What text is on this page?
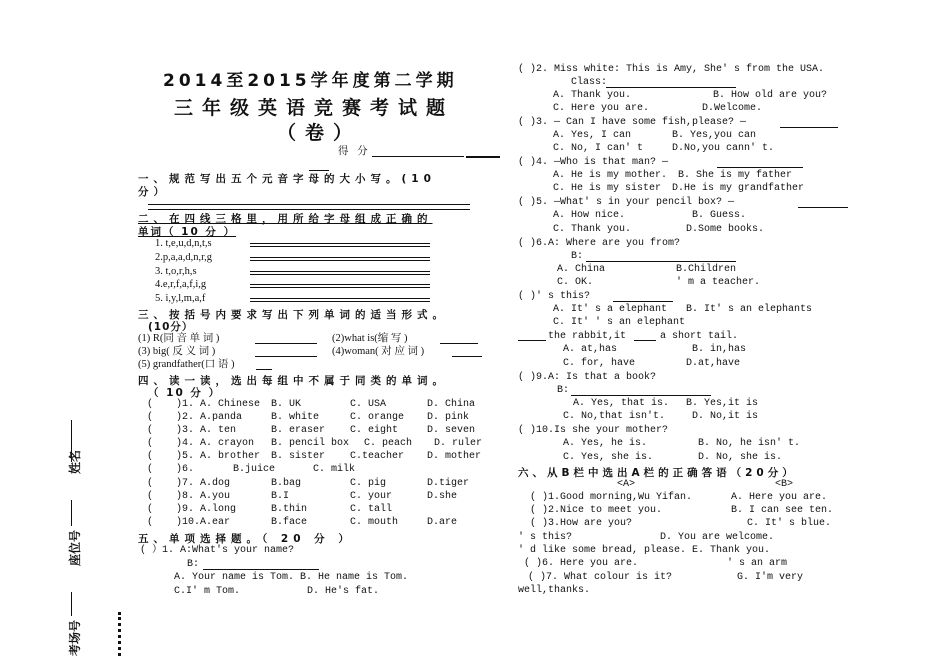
2014至2015学年度第二学期
三年级英语竞赛考试题
（卷）
得 分
姓名
座位号
考场号
一、规范写出五个元音字母的大小写。(10
分）
二、在四线三格里，用所给字母组成正确的
单词（ 10 分 ）
1. t,e,u,d,n,t,s
2.p,a,a,d,n,r,g
3. t,o,r,h,s
4.e,r,f,a,f,i,g
5. i,y,l,m,a,f
三、按括号内要求写出下列单词的适当形式。
(10分）
(1) R(同 音 单 词 )	(2)what is(缩 写 )
(3) big( 反 义 词 )	(4)woman( 对 应 词 )
(5) grandfather(口 语 )
四、读一读，选出每组中不属于同类的单词。
（ 10 分 ）
( )1. A. Chinese B. UK	C. USA	D. China
( )2. A.panda	B. white	C. orange D. pink
( )3. A. ten	B. eraser C. eight	D. seven
( )4. A. crayon B. pencil box C. peach D. ruler
( )5. A. brother B. sister C.teacher D. mother
( )6.	B.juice	C. milk
( )7. A.dog	B.bag	C. pig	D.tiger
( )8. A.you	B.I	C. your	D.she
( )9. A.long	B.thin	C. tall
( )10.A.ear	B.face	C. mouth	D.are
五、单项选择题。（ 20 分 ）
( ）1. A:What's your name?
B:
A. Your name is Tom. B. He name is Tom.
C.I' m Tom.	D. He's fat.
( )2. Miss white: This is Amy, She' s from the USA.
Class:
A. Thank you.	B. How old are you?
C. Here you are.	D.Welcome.
( )3. — Can I have some fish,please? —
A. Yes, I can	B. Yes,you can
C. No, I can' t	D.No,you cann' t.
( )4. —Who is that man? —
A. He is my mother. B. She is my father
C. He is my sister D.He is my grandfather
( )5. —What' s in your pencil box? —
A. How nice.	B. Guess.
C. Thank you.	D.Some books.
( )6.A: Where are you from?
B:
A. China	B.Children
C. OK.	' m a teacher.
( )' s this?
A. It' s a elephant B. It' s an elephants
C. It' ' s an elephant
the rabbit,it	a short tail.
A. at,has	B. in,has
C. for, have	D.at,have
( )9.A: Is that a book?
B:
A. Yes, that is. B. Yes,it is
C. No,that isn't.	D. No,it is
( )10.Is she your mother?
A. Yes, he is.	B. No, he isn' t.
C. Yes, she is.	D. No, she is.
六、从B栏中选出A栏的正确答语（20分）
<A>	<B>
( )1.Good morning,Wu Yifan.	A. Here you are.
( )2.Nice to meet you.	B. I can see ten.
( )3.How are you?	C. It' s blue.
' s this?	D. You are welcome.
' d like some bread, please. E. Thank you.
( )6. Here you are.	' s an arm
( )7. What colour is it?	G. I'm very
well,thanks.
